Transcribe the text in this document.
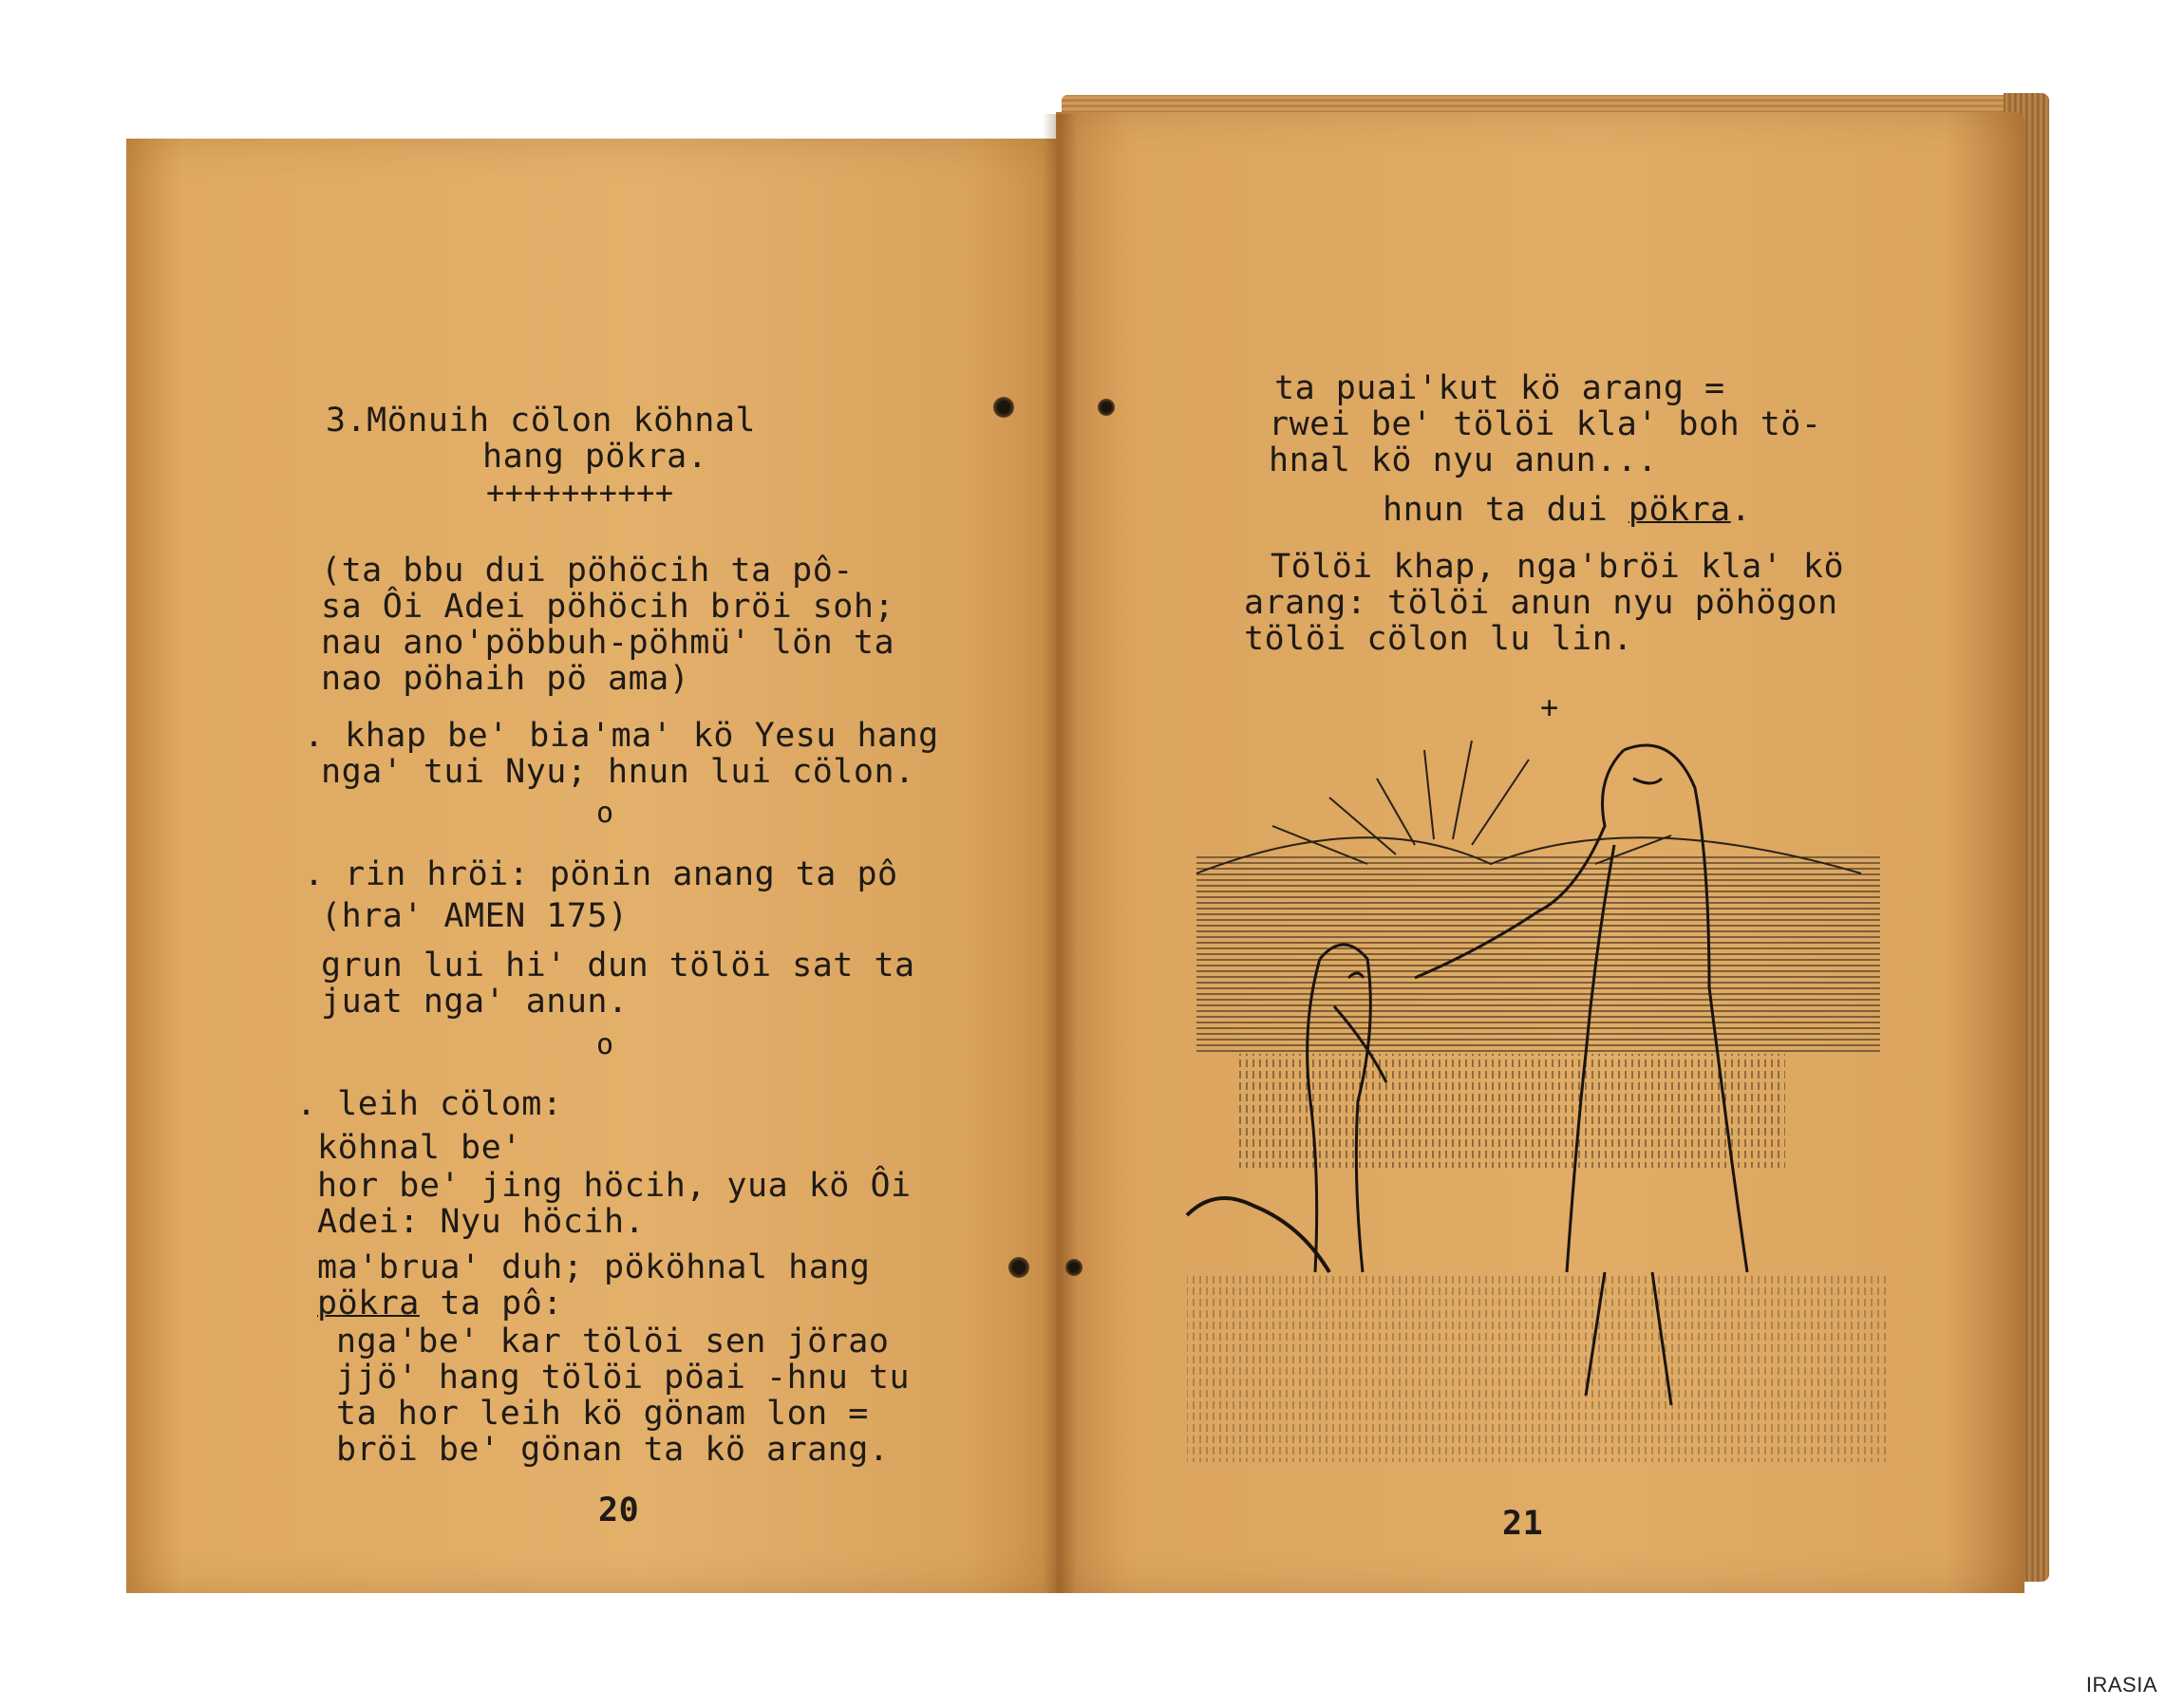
3.Mönuih cölon köhnal

hang pökra.

++++++++++

(ta bbu dui pöhöcih ta pô-

sa Ôi Adei pöhöcih bröi soh;

nau ano'pöbbuh-pöhmü' lön ta

nao pöhaih pö ama)

. khap be' bia'ma' kö Yesu hang

nga' tui Nyu; hnun lui cölon.

o

. rin hröi: pönin anang ta pô

(hra' AMEN 175)

grun lui hi' dun tölöi sat ta

juat nga' anun.

o

. leih cölom:

köhnal be'

hor be' jing höcih, yua kö Ôi

Adei: Nyu höcih.

ma'brua' duh; pököhnal hang

pökra ta pô:

nga'be' kar tölöi sen jörao

jjö' hang tölöi pöai -hnu tu

ta hor leih kö gönam lon =

bröi be' gönan ta kö arang.

20

ta puai'kut kö arang =

rwei be' tölöi kla' boh tö-

hnal kö nyu anun...

hnun ta dui pökra.

Tölöi khap, nga'bröi kla' kö

arang: tölöi anun nyu pöhögon

tölöi cölon lu lin.

+

21

IRASIA
